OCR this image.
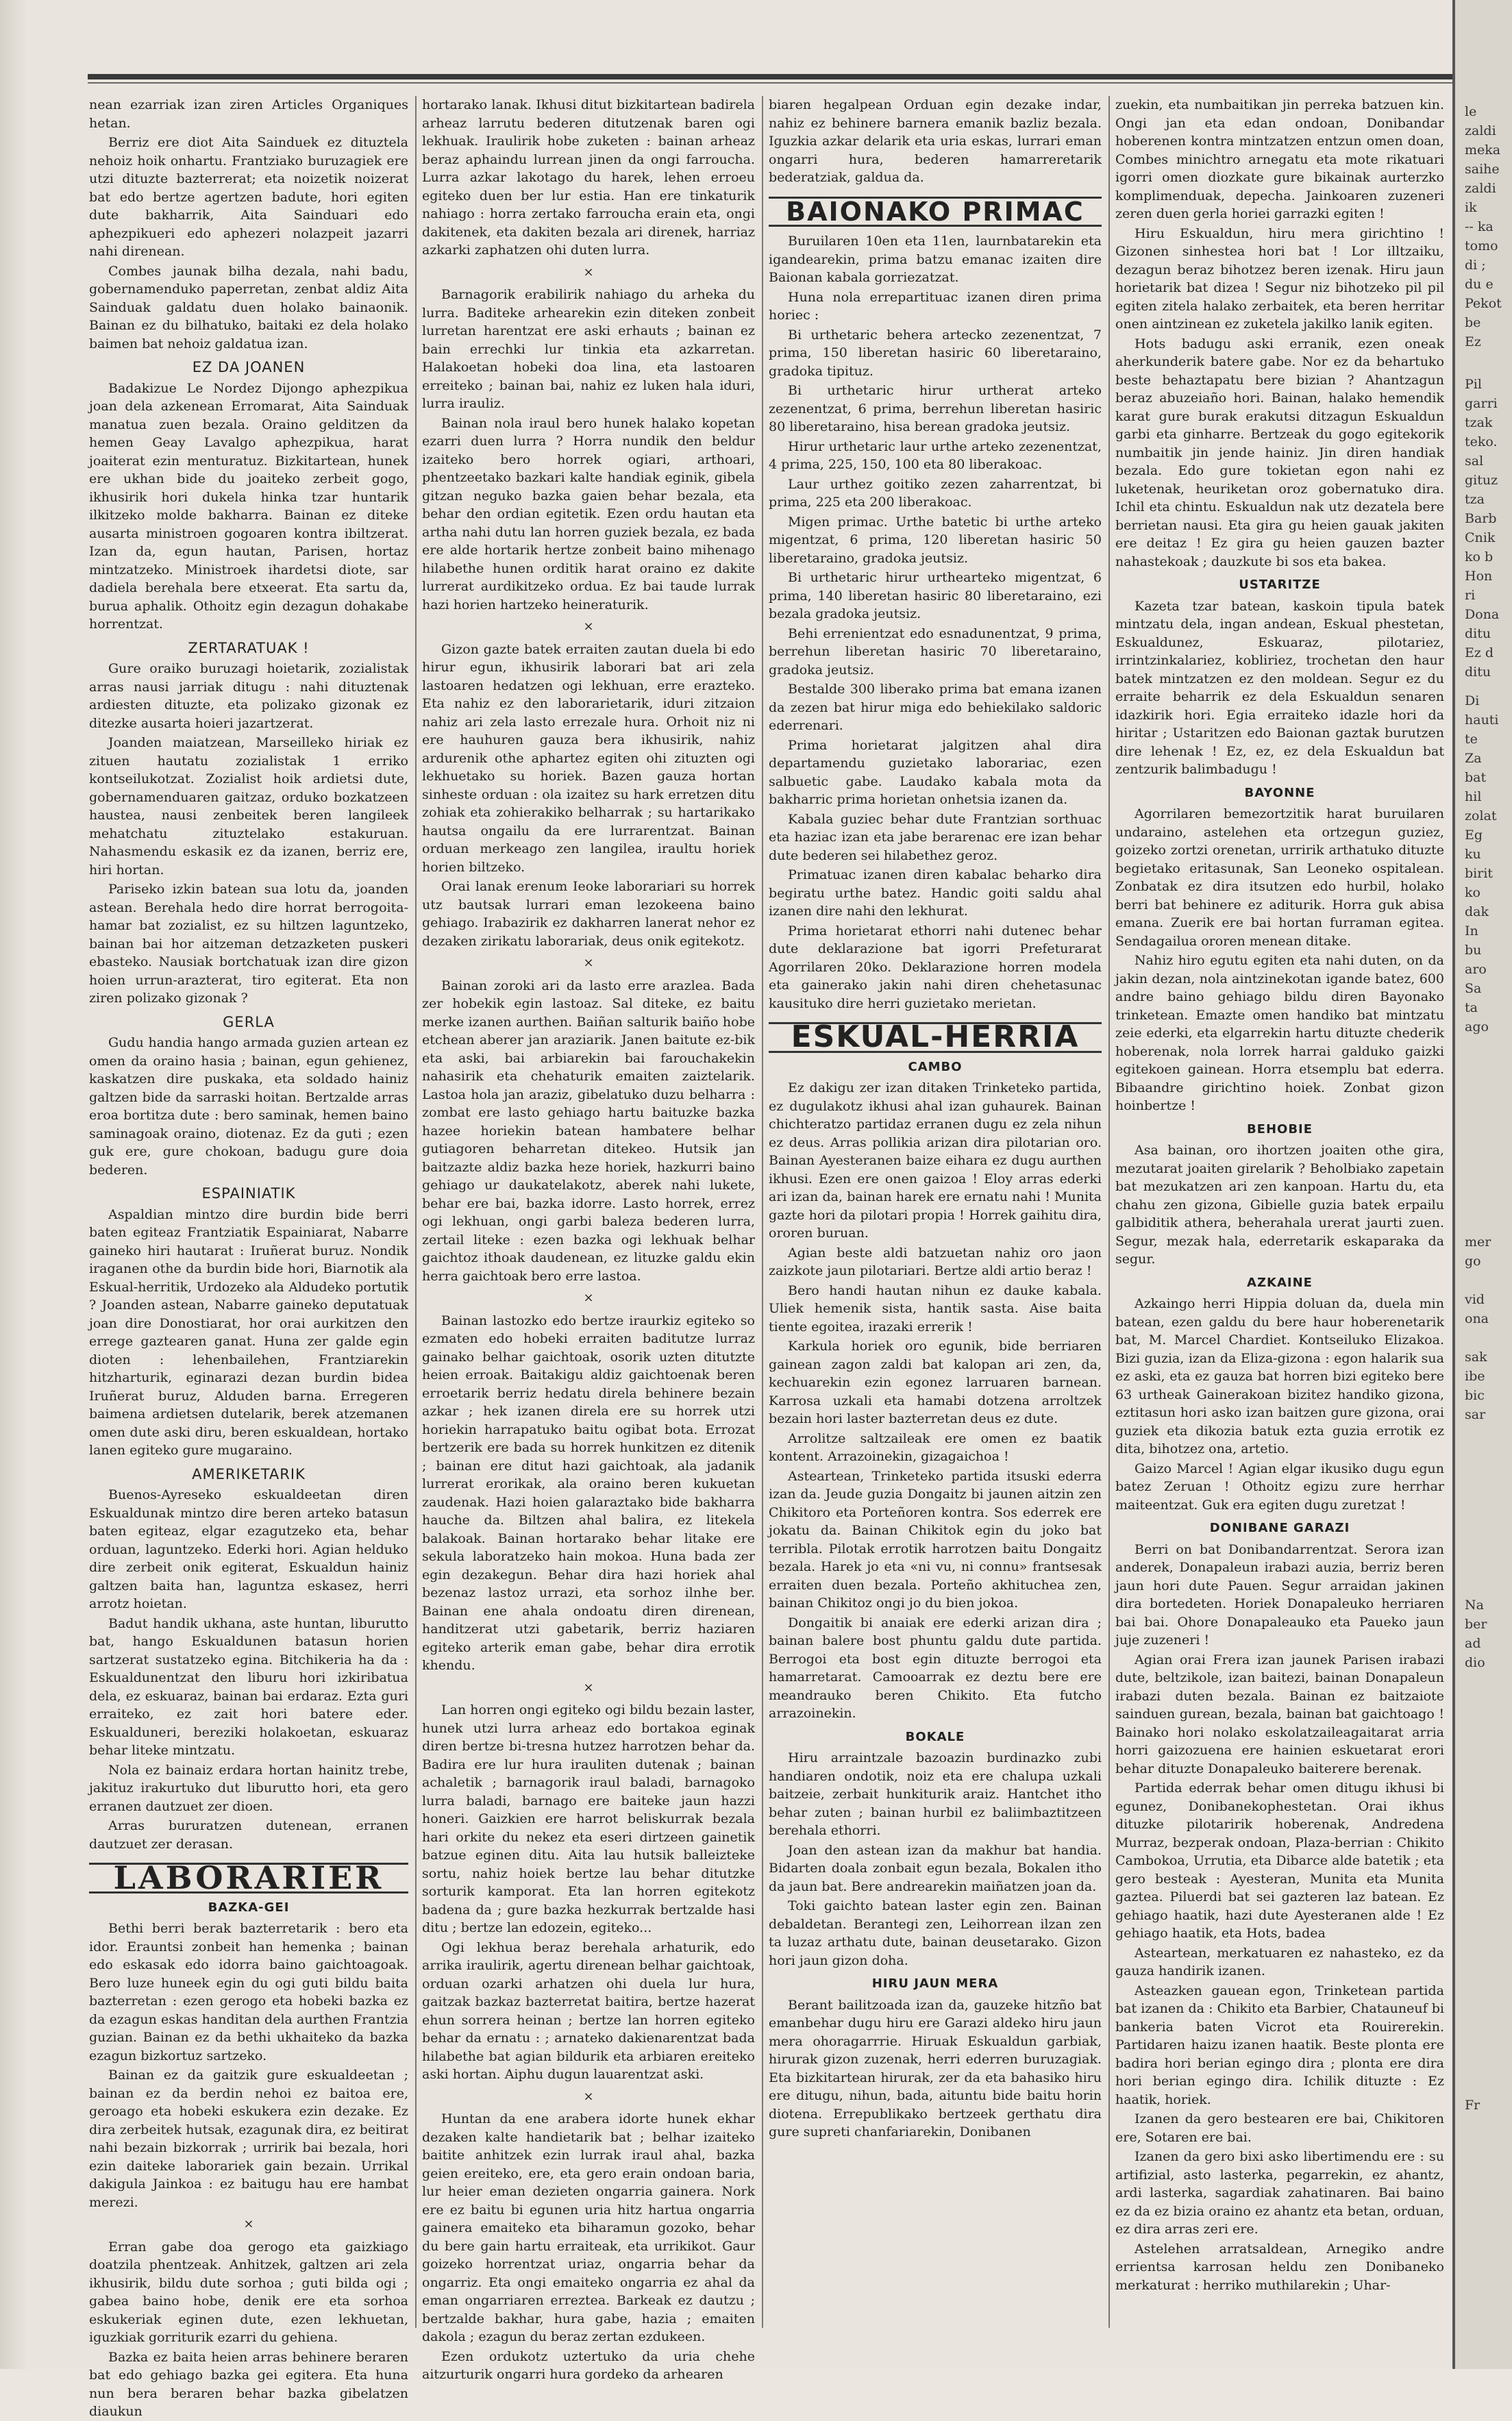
nean ezarriak izan ziren Articles Organiques hetan.

Berriz ere diot Aita Sainduek ez dituztela nehoiz hoik onhartu. Frantziako buruzagiek ere utzi dituzte bazterrerat; eta noizetik noizerat bat edo bertze agertzen badute, hori egiten dute bakharrik, Aita Sainduari edo aphezpikueri edo aphezeri nolazpeit jazarri nahi direnean.

Combes jaunak bilha dezala, nahi badu, gobernamenduko paperretan, zenbat aldiz Aita Sainduak galdatu duen holako bainaonik. Bainan ez du bilhatuko, baitaki ez dela holako baimen bat nehoiz galdatua izan.

EZ DA JOANEN

Badakizue Le Nordez Dijongo aphezpikua joan dela azkenean Erromarat, Aita Sainduak manatua zuen bezala. Oraino gelditzen da hemen Geay Lavalgo aphezpikua, harat joaiterat ezin menturatuz. Bizkitartean, hunek ere ukhan bide du joaiteko zerbeit gogo, ikhusirik hori dukela hinka tzar huntarik ilkitzeko molde bakharra. Bainan ez diteke ausarta ministroen gogoaren kontra ibiltzerat. Izan da, egun hautan, Parisen, hortaz mintzatzeko. Ministroek ihardetsi diote, sar dadiela berehala bere etxeerat. Eta sartu da, burua aphalik. Othoitz egin dezagun dohakabe horrentzat.

ZERTARATUAK !

Gure oraiko buruzagi hoietarik, zozialistak arras nausi jarriak ditugu : nahi dituztenak ardiesten dituzte, eta polizako gizonak ez ditezke ausarta hoieri jazartzerat.

Joanden maiatzean, Marseilleko hiriak ez zituen hautatu zozialistak 1 erriko kontseilukotzat. Zozialist hoik ardietsi dute, gobernamenduaren gaitzaz, orduko bozkatzeen haustea, nausi zenbeitek beren langileek mehatchatu zituztelako estakuruan. Nahasmendu eskasik ez da izanen, berriz ere, hiri hortan.

Pariseko izkin batean sua lotu da, joanden astean. Berehala hedo dire horrat berrogoita-hamar bat zozialist, ez su hiltzen laguntzeko, bainan bai hor aitzeman detzazketen puskeri ebasteko. Nausiak bortchatuak izan dire gizon hoien urrun-arazterat, tiro egiterat. Eta non ziren polizako gizonak ?

GERLA

Gudu handia hango armada guzien artean ez omen da oraino hasia ; bainan, egun gehienez, kaskatzen dire puskaka, eta soldado hainiz galtzen bide da sarraski hoitan. Bertzalde arras eroa bortitza dute : bero saminak, hemen baino saminagoak oraino, diotenaz. Ez da guti ; ezen guk ere, gure chokoan, badugu gure doia bederen.

ESPAINIATIK

Aspaldian mintzo dire burdin bide berri baten egiteaz Frantziatik Espainiarat, Nabarre gaineko hiri hautarat : Iruñerat buruz. Nondik iraganen othe da burdin bide hori, Biarnotik ala Eskual-herritik, Urdozeko ala Aldudeko portutik ? Joanden astean, Nabarre gaineko deputatuak joan dire Donostiarat, hor orai aurkitzen den errege gaztearen ganat. Huna zer galde egin dioten : lehenbailehen, Frantziarekin hitzharturik, eginarazi dezan burdin bidea Iruñerat buruz, Alduden barna. Erregeren baimena ardietsen dutelarik, berek atzemanen omen dute aski diru, beren eskualdean, hortako lanen egiteko gure mugaraino.

AMERIKETARIK

Buenos-Ayreseko eskualdeetan diren Eskualdunak mintzo dire beren arteko batasun baten egiteaz, elgar ezagutzeko eta, behar orduan, laguntzeko. Ederki hori. Agian helduko dire zerbeit onik egiterat, Eskualdun hainiz galtzen baita han, laguntza eskasez, herri arrotz hoietan.

Badut handik ukhana, aste huntan, liburutto bat, hango Eskualdunen batasun horien sartzerat sustatzeko egina. Bitchikeria ha da : Eskualdunentzat den liburu hori izkiribatua dela, ez eskuaraz, bainan bai erdaraz. Ezta guri erraiteko, ez zait hori batere eder. Eskualduneri, bereziki holakoetan, eskuaraz behar liteke mintzatu.

Nola ez bainaiz erdara hortan hainitz trebe, jakituz irakurtuko dut liburutto hori, eta gero erranen dautzuet zer dioen.

Arras bururatzen dutenean, erranen dautzuet zer derasan.

LABORARIER
BAZKA-GEI

Bethi berri berak bazterretarik : bero eta idor. Erauntsi zonbeit han hemenka ; bainan edo eskasak edo idorra baino gaichtoagoak. Bero luze huneek egin du ogi guti bildu baita bazterretan : ezen gerogo eta hobeki bazka ez da ezagun eskas handitan dela aurthen Frantzia guzian. Bainan ez da bethi ukhaiteko da bazka ezagun bizkortuz sartzeko.

Bainan ez da gaitzik gure eskualdeetan ; bainan ez da berdin nehoi ez baitoa ere, geroago eta hobeki eskukera ezin dezake. Ez dira zerbeitek hutsak, ezagunak dira, ez beitirat nahi bezain bizkorrak ; urririk bai bezala, hori ezin daiteke laborariek gain bezain. Urrikal dakigula Jainkoa : ez baitugu hau ere hambat merezi.

×

Erran gabe doa gerogo eta gaizkiago doatzila phentzeak. Anhitzek, galtzen ari zela ikhusirik, bildu dute sorhoa ; guti bilda ogi ; gabea baino hobe, denik ere eta sorhoa eskukeriak eginen dute, ezen lekhuetan, iguzkiak gorriturik ezarri du gehiena.

Bazka ez baita heien arras behinere beraren bat edo gehiago bazka gei egitera. Eta huna nun bera beraren behar bazka gibelatzen diaukun

hortarako lanak. Ikhusi ditut bizkitartean badirela arheaz larrutu bederen ditutzenak baren ogi lekhuak. Iraulirik hobe zuketen : bainan arheaz beraz aphaindu lurrean jinen da ongi farroucha. Lurra azkar lakotago du harek, lehen erroeu egiteko duen ber lur estia. Han ere tinkaturik nahiago : horra zertako farroucha erain eta, ongi dakitenek, eta dakiten bezala ari direnek, harriaz azkarki zaphatzen ohi duten lurra.

×

Barnagorik erabilirik nahiago du arheka du lurra. Baditeke arhearekin ezin diteken zonbeit lurretan harentzat ere aski erhauts ; bainan ez bain errechki lur tinkia eta azkarretan. Halakoetan hobeki doa lina, eta lastoaren erreiteko ; bainan bai, nahiz ez luken hala iduri, lurra irauliz.

Bainan nola iraul bero hunek halako kopetan ezarri duen lurra ? Horra nundik den beldur izaiteko bero horrek ogiari, arthoari, phentzeetako bazkari kalte handiak eginik, gibela gitzan neguko bazka gaien behar bezala, eta behar den ordian egitetik. Ezen ordu hautan eta artha nahi dutu lan horren guziek bezala, ez bada ere alde hortarik hertze zonbeit baino mihenago hilabethe hunen orditik harat oraino ez dakite lurrerat aurdikitzeko ordua. Ez bai taude lurrak hazi horien hartzeko heineraturik.

×

Gizon gazte batek erraiten zautan duela bi edo hirur egun, ikhusirik laborari bat ari zela lastoaren hedatzen ogi lekhuan, erre erazteko. Eta nahiz ez den laborarietarik, iduri zitzaion nahiz ari zela lasto errezale hura. Orhoit niz ni ere hauhuren gauza bera ikhusirik, nahiz ardurenik othe aphartez egiten ohi zituzten ogi lekhuetako su horiek. Bazen gauza hortan sinheste orduan : ola izaitez su hark erretzen ditu zohiak eta zohierakiko belharrak ; su hartarikako hautsa ongailu da ere lurrarentzat. Bainan orduan merkeago zen langilea, iraultu horiek horien biltzeko.

Orai lanak erenum Ieoke laborariari su horrek utz bautsak lurrari eman lezokeena baino gehiago. Irabazirik ez dakharren lanerat nehor ez dezaken zirikatu laborariak, deus onik egitekotz.

×

Bainan zoroki ari da lasto erre arazlea. Bada zer hobekik egin lastoaz. Sal diteke, ez baitu merke izanen aurthen. Baiñan salturik baiño hobe etchean aberer jan araziarik. Janen baitute ez-bik eta aski, bai arbiarekin bai farouchakekin nahasirik eta chehaturik emaiten zaiztelarik. Lastoa hola jan araziz, gibelatuko duzu belharra : zombat ere lasto gehiago hartu baituzke bazka hazee horiekin batean hambatere belhar gutiagoren beharretan ditekeo. Hutsik jan baitzazte aldiz bazka heze horiek, hazkurri baino gehiago ur daukatelakotz, aberek nahi lukete, behar ere bai, bazka idorre. Lasto horrek, errez ogi lekhuan, ongi garbi baleza bederen lurra, zertail liteke : ezen bazka ogi lekhuak belhar gaichtoz ithoak daudenean, ez lituzke galdu ekin herra gaichtoak bero erre lastoa.

×

Bainan lastozko edo bertze iraurkiz egiteko so ezmaten edo hobeki erraiten baditutze lurraz gainako belhar gaichtoak, osorik uzten ditutzte heien erroak. Baitakigu aldiz gaichtoenak beren erroetarik berriz hedatu direla behinere bezain azkar ; hek izanen direla ere su horrek utzi horiekin harrapatuko baitu ogibat bota. Errozat bertzerik ere bada su horrek hunkitzen ez ditenik ; bainan ere ditut hazi gaichtoak, ala jadanik lurrerat erorikak, ala oraino beren kukuetan zaudenak. Hazi hoien galaraztako bide bakharra hauche da. Biltzen ahal balira, ez litekela balakoak. Bainan hortarako behar litake ere sekula laboratzeko hain mokoa. Huna bada zer egin dezakegun. Behar dira hazi horiek ahal bezenaz lastoz urrazi, eta sorhoz ilnhe ber. Bainan ene ahala ondoatu diren direnean, handitzerat utzi gabetarik, berriz haziaren egiteko arterik eman gabe, behar dira errotik khendu.

×

Lan horren ongi egiteko ogi bildu bezain laster, hunek utzi lurra arheaz edo bortakoa eginak diren bertze bi-tresna hutzez harrotzen behar da. Badira ere lur hura irauliten dutenak ; bainan achaletik ; barnagorik iraul baladi, barnagoko lurra baladi, barnago ere baiteke jaun hazzi honeri. Gaizkien ere harrot beliskurrak bezala hari orkite du nekez eta eseri dirtzeen gainetik batzue eginen ditu. Aita lau hutsik balleizteke sortu, nahiz hoiek bertze lau behar ditutzke sorturik kamporat. Eta lan horren egitekotz badena da ; gure bazka hezkurrak bertzalde hasi ditu ; bertze lan edozein, egiteko...

Ogi lekhua beraz berehala arhaturik, edo arrika iraulirik, agertu direnean belhar gaichtoak, orduan ozarki arhatzen ohi duela lur hura, gaitzak bazkaz bazterretat baitira, bertze hazerat ehun sorrera heinan ; bertze lan horren egiteko behar da ernatu : ; arnateko dakienarentzat bada hilabethe bat agian bildurik eta arbiaren ereiteko aski hortan. Aiphu dugun lauarentzat aski.

×

Huntan da ene arabera idorte hunek ekhar dezaken kalte handietarik bat ; belhar izaiteko baitite anhitzek ezin lurrak iraul ahal, bazka geien ereiteko, ere, eta gero erain ondoan baria, lur heier eman dezieten ongarria gainera. Nork ere ez baitu bi egunen uria hitz hartua ongarria gainera emaiteko eta biharamun gozoko, behar du bere gain hartu erraiteak, eta urrikikot. Gaur goizeko horrentzat uriaz, ongarria behar da ongarriz. Eta ongi emaiteko ongarria ez ahal da eman ongarriaren erreztea. Barkeak ez dautzu ; bertzalde bakhar, hura gabe, hazia ; emaiten dakola ; ezagun du beraz zertan ezdukeen.

Ezen ordukotz uztertuko da uria chehe aitzurturik ongarri hura gordeko da arhearen

biaren hegalpean Orduan egin dezake indar, nahiz ez behinere barnera emanik bazliz bezala. Iguzkia azkar delarik eta uria eskas, lurrari eman ongarri hura, bederen hamarreretarik bederatziak, galdua da.

BAIONAKO PRIMAC

Buruilaren 10en eta 11en, laurnbatarekin eta igandearekin, prima batzu emanac izaiten dire Baionan kabala gorriezatzat.

Huna nola errepartituac izanen diren prima horiec :

Bi urthetaric behera artecko zezenentzat, 7 prima, 150 liberetan hasiric 60 liberetaraino, gradoka tipituz.

Bi urthetaric hirur urtherat arteko zezenentzat, 6 prima, berrehun liberetan hasiric 80 liberetaraino, hisa berean gradoka jeutsiz.

Hirur urthetaric laur urthe arteko zezenentzat, 4 prima, 225, 150, 100 eta 80 liberakoac.

Laur urthez goitiko zezen zaharrentzat, bi prima, 225 eta 200 liberakoac.

Migen primac. Urthe batetic bi urthe arteko migentzat, 6 prima, 120 liberetan hasiric 50 liberetaraino, gradoka jeutsiz.

Bi urthetaric hirur urthearteko migentzat, 6 prima, 140 liberetan hasiric 80 liberetaraino, ezi bezala gradoka jeutsiz.

Behi errenientzat edo esnadunentzat, 9 prima, berrehun liberetan hasiric 70 liberetaraino, gradoka jeutsiz.

Bestalde 300 liberako prima bat emana izanen da zezen bat hirur miga edo behiekilako saldoric ederrenari.

Prima horietarat jalgitzen ahal dira departamendu guzietako laborariac, ezen salbuetic gabe. Laudako kabala mota da bakharric prima horietan onhetsia izanen da.

Kabala guziec behar dute Frantzian sorthuac eta haziac izan eta jabe berarenac ere izan behar dute bederen sei hilabethez geroz.

Primatuac izanen diren kabalac beharko dira begiratu urthe batez. Handic goiti saldu ahal izanen dire nahi den lekhurat.

Prima horietarat ethorri nahi dutenec behar dute deklarazione bat igorri Prefeturarat Agorrilaren 20ko. Deklarazione horren modela eta gainerako jakin nahi diren chehetasunac kausituko dire herri guzietako merietan.

ESKUAL-HERRIA
CAMBO

Ez dakigu zer izan ditaken Trinketeko partida, ez dugulakotz ikhusi ahal izan guhaurek. Bainan chichteratzo partidaz erranen dugu ez zela nihun ez deus. Arras pollikia arizan dira pilotarian oro. Bainan Ayesteranen baize eihara ez dugu aurthen ikhusi. Ezen ere onen gaizoa ! Eloy arras ederki ari izan da, bainan harek ere ernatu nahi ! Munita gazte hori da pilotari propia ! Horrek gaihitu dira, ororen buruan.

Agian beste aldi batzuetan nahiz oro jaon zaizkote jaun pilotariari. Bertze aldi artio beraz !

Bero handi hautan nihun ez dauke kabala. Uliek hemenik sista, hantik sasta. Aise baita tiente egoitea, irazaki errerik !

Karkula horiek oro egunik, bide berriaren gainean zagon zaldi bat kalopan ari zen, da, kechuarekin ezin egonez larruaren barnean. Karrosa uzkali eta hamabi dotzena arroltzek bezain hori laster bazterretan deus ez dute.

Arrolitze saltzaileak ere omen ez baatik kontent. Arrazoinekin, gizagaichoa !

Asteartean, Trinketeko partida itsuski ederra izan da. Jeude guzia Dongaitz bi jaunen aitzin zen Chikitoro eta Porteñoren kontra. Sos ederrek ere jokatu da. Bainan Chikitok egin du joko bat terribla. Pilotak errotik harrotzen baitu Dongaitz bezala. Harek jo eta «ni vu, ni connu» frantsesak erraiten duen bezala. Porteño akhituchea zen, bainan Chikitoz ongi jo du bien jokoa.

Dongaitik bi anaiak ere ederki arizan dira ; bainan balere bost phuntu galdu dute partida. Berrogoi eta bost egin dituzte berrogoi eta hamarretarat. Camooarrak ez deztu bere ere meandrauko beren Chikito. Eta futcho arrazoinekin.

BOKALE

Hiru arraintzale bazoazin burdinazko zubi handiaren ondotik, noiz eta ere chalupa uzkali baitzeie, zerbait hunkiturik araiz. Hantchet itho behar zuten ; bainan hurbil ez baliimbaztitzeen berehala ethorri.

Joan den astean izan da makhur bat handia. Bidarten doala zonbait egun bezala, Bokalen itho da jaun bat. Bere andrearekin maiñatzen joan da.

Toki gaichto batean laster egin zen. Bainan debaldetan. Berantegi zen, Leihorrean ilzan zen ta luzaz arthatu dute, bainan deusetarako. Gizon hori jaun gizon doha.

HIRU JAUN MERA

Berant bailitzoada izan da, gauzeke hitzño bat emanbehar dugu hiru ere Garazi aldeko hiru jaun mera ohoragarrrie. Hiruak Eskualdun garbiak, hirurak gizon zuzenak, herri ederren buruzagiak. Eta bizkitartean hirurak, zer da eta bahasiko hiru ere ditugu, nihun, bada, aituntu bide baitu horin diotena. Errepublikako bertzeek gerthatu dira gure supreti chanfariarekin, Donibanen

zuekin, eta numbaitikan jin perreka batzuen kin. Ongi jan eta edan ondoan, Donibandar hoberenen kontra mintzatzen entzun omen doan, Combes minichtro arnegatu eta mote rikatuari igorri omen diozkate gure bikainak aurterzko komplimenduak, depecha. Jainkoaren zuzeneri zeren duen gerla horiei garrazki egiten !

Hiru Eskualdun, hiru mera girichtino ! Gizonen sinhestea hori bat ! Lor illtzaiku, dezagun beraz bihotzez beren izenak. Hiru jaun horietarik bat dizea ! Segur niz bihotzeko pil pil egiten zitela halako zerbaitek, eta beren herritar onen aintzinean ez zuketela jakilko lanik egiten.

Hots badugu aski erranik, ezen oneak aherkunderik batere gabe. Nor ez da behartuko beste behaztapatu bere bizian ? Ahantzagun beraz abuzeiaño hori. Bainan, halako hemendik karat gure burak erakutsi ditzagun Eskualdun garbi eta ginharre. Bertzeak du gogo egitekorik numbaitik jin jende hainiz. Jin diren handiak bezala. Edo gure tokietan egon nahi ez luketenak, heuriketan oroz gobernatuko dira. Ichil eta chintu. Eskualdun nak utz dezatela bere berrietan nausi. Eta gira gu heien gauak jakiten ere deitaz ! Ez gira gu heien gauzen bazter nahastekoak ; dauzkute bi sos eta bakea.

USTARITZE

Kazeta tzar batean, kaskoin tipula batek mintzatu dela, ingan andean, Eskual phestetan, Eskualdunez, Eskuaraz, pilotariez, irrintzinkalariez, kobliriez, trochetan den haur batek mintzatzen ez den moldean. Segur ez du erraite beharrik ez dela Eskualdun senaren idazkirik hori. Egia erraiteko idazle hori da hiritar ; Ustaritzen edo Baionan gaztak burutzen dire lehenak ! Ez, ez, ez dela Eskualdun bat zentzurik balimbadugu !

BAYONNE

Agorrilaren bemezortzitik harat buruilaren undaraino, astelehen eta ortzegun guziez, goizeko zortzi orenetan, urririk arthatuko dituzte begietako eritasunak, San Leoneko ospitalean. Zonbatak ez dira itsutzen edo hurbil, holako berri bat behinere ez aditurik. Horra guk abisa emana. Zuerik ere bai hortan furraman egitea. Sendagailua ororen menean ditake.

Nahiz hiro egutu egiten eta nahi duten, on da jakin dezan, nola aintzinekotan igande batez, 600 andre baino gehiago bildu diren Bayonako trinketean. Emazte omen handiko bat mintzatu zeie ederki, eta elgarrekin hartu dituzte chederik hoberenak, nola lorrek harrai galduko gaizki egitekoen gainean. Horra etsemplu bat ederra. Bibaandre girichtino hoiek. Zonbat gizon hoinbertze !

BEHOBIE

Asa bainan, oro ihortzen joaiten othe gira, mezutarat joaiten girelarik ? Beholbiako zapetain bat mezukatzen ari zen kanpoan. Hartu du, eta chahu zen gizona, Gibielle guzia batek erpailu galbiditik athera, beherahala urerat jaurti zuen. Segur, mezak hala, ederretarik eskaparaka da segur.

AZKAINE

Azkaingo herri Hippia doluan da, duela min batean, ezen galdu du bere haur hoberenetarik bat, M. Marcel Chardiet. Kontseiluko Elizakoa. Bizi guzia, izan da Eliza-gizona : egon halarik sua ez aski, eta ez gauza bat horren bizi egiteko bere 63 urtheak Gainerakoan bizitez handiko gizona, eztitasun hori asko izan baitzen gure gizona, orai guziek eta dikozia batuk ezta guzia errotik ez dita, bihotzez ona, artetio.

Gaizo Marcel ! Agian elgar ikusiko dugu egun batez Zeruan ! Othoitz egizu zure herrhar maiteentzat. Guk era egiten dugu zuretzat !

DONIBANE GARAZI

Berri on bat Donibandarrentzat. Serora izan anderek, Donapaleun irabazi auzia, berriz beren jaun hori dute Pauen. Segur arraidan jakinen dira bortedeten. Horiek Donapaleuko herriaren bai bai. Ohore Donapaleauko eta Paueko jaun juje zuzeneri !

Agian orai Frera izan jaunek Parisen irabazi dute, beltzikole, izan baitezi, bainan Donapaleun irabazi duten bezala. Bainan ez baitzaiote sainduen gurean, bezala, bainan bat gaichtoago ! Bainako hori nolako eskolatzaileagaitarat arria horri gaizozuena ere hainien eskuetarat erori behar dituzte Donapaleuko baiterere berenak.

Partida ederrak behar omen ditugu ikhusi bi egunez, Donibanekophestetan. Orai ikhus dituzke pilotaririk hoberenak, Andredena Murraz, bezperak ondoan, Plaza-berrian : Chikito Cambokoa, Urrutia, eta Dibarce alde batetik ; eta gero besteak : Ayesteran, Munita eta Munita gaztea. Piluerdi bat sei gazteren laz batean. Ez gehiago haatik, hazi dute Ayesteranen alde ! Ez gehiago haatik, eta Hots, badea

Asteartean, merkatuaren ez nahasteko, ez da gauza handirik izanen.

Asteazken gauean egon, Trinketean partida bat izanen da : Chikito eta Barbier, Chatauneuf bi bankeria baten Vicrot eta Rouirerekin. Partidaren haizu izanen haatik. Beste plonta ere badira hori berian egingo dira ; plonta ere dira hori berian egingo dira. Ichilik dituzte : Ez haatik, horiek.

Izanen da gero bestearen ere bai, Chikitoren ere, Sotaren ere bai.

Izanen da gero bixi asko libertimendu ere : su artifizial, asto lasterka, pegarrekin, ez ahantz, ardi lasterka, sagardiak zahatinaren. Bai baino ez da ez bizia oraino ez ahantz eta betan, orduan, ez dira arras zeri ere.

Astelehen arratsaldean, Arnegiko andre errientsa karrosan heldu zen Donibaneko merkaturat : herriko muthilarekin ; Uhar-

le
zaldi
meka
saihe
zaldi
ik
-- ka
tomo
di ;
du e
Pekot
be
Ez
Pil
garri
tzak
teko.
sal
gituz
tza
Barb
Cnik
ko b
Hon
ri
Dona
ditu
Ez d
ditu
Di
hauti
te
Za
bat
hil
zolat
Eg
ku
birit
ko
dak
In
bu
aro
Sa
ta
ago
mer
go
vid
ona
sak
ibe
bic
sar
Na
ber
ad
dio
Fr
